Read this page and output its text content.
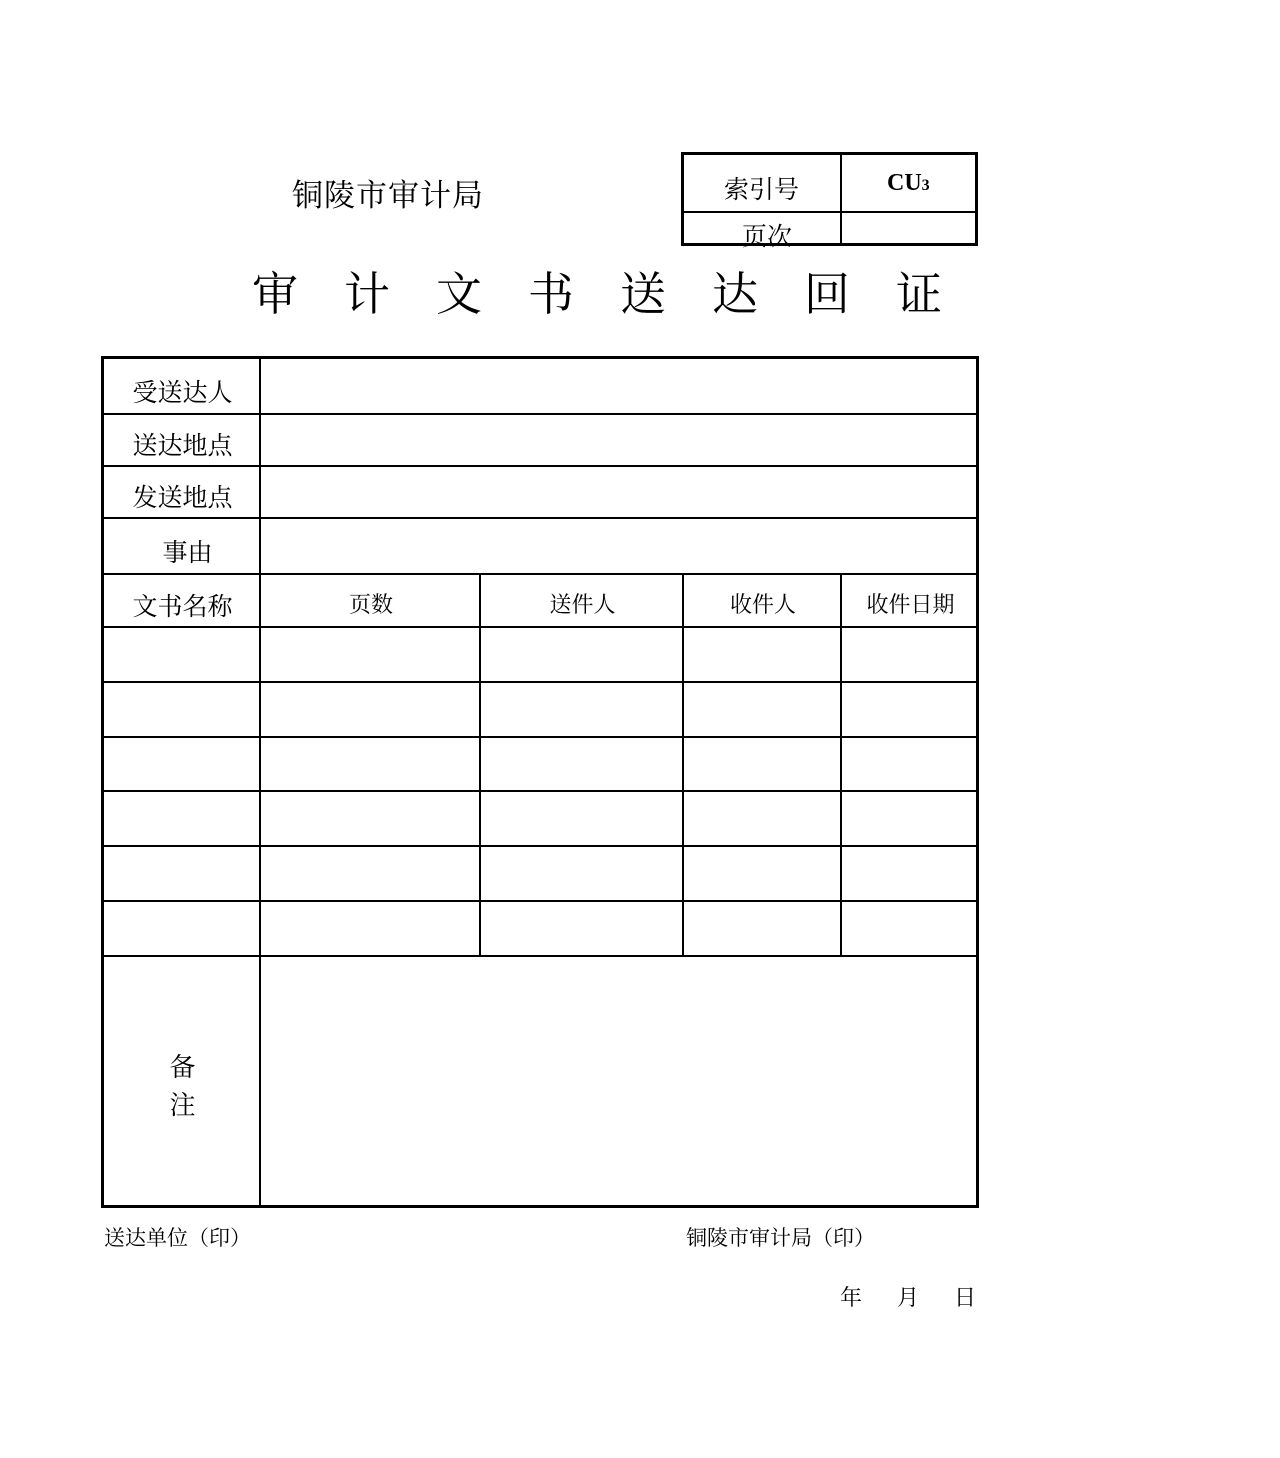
铜陵市审计局	索引号	CU3
页次
审 计 文 书 送 达 回 证
受送达人
送达地点
发送地点
事由
文书名称	页数	送件人	收件人	收件日期
备
注
送达单位（印）	铜陵市审计局（印）
年 月 日
